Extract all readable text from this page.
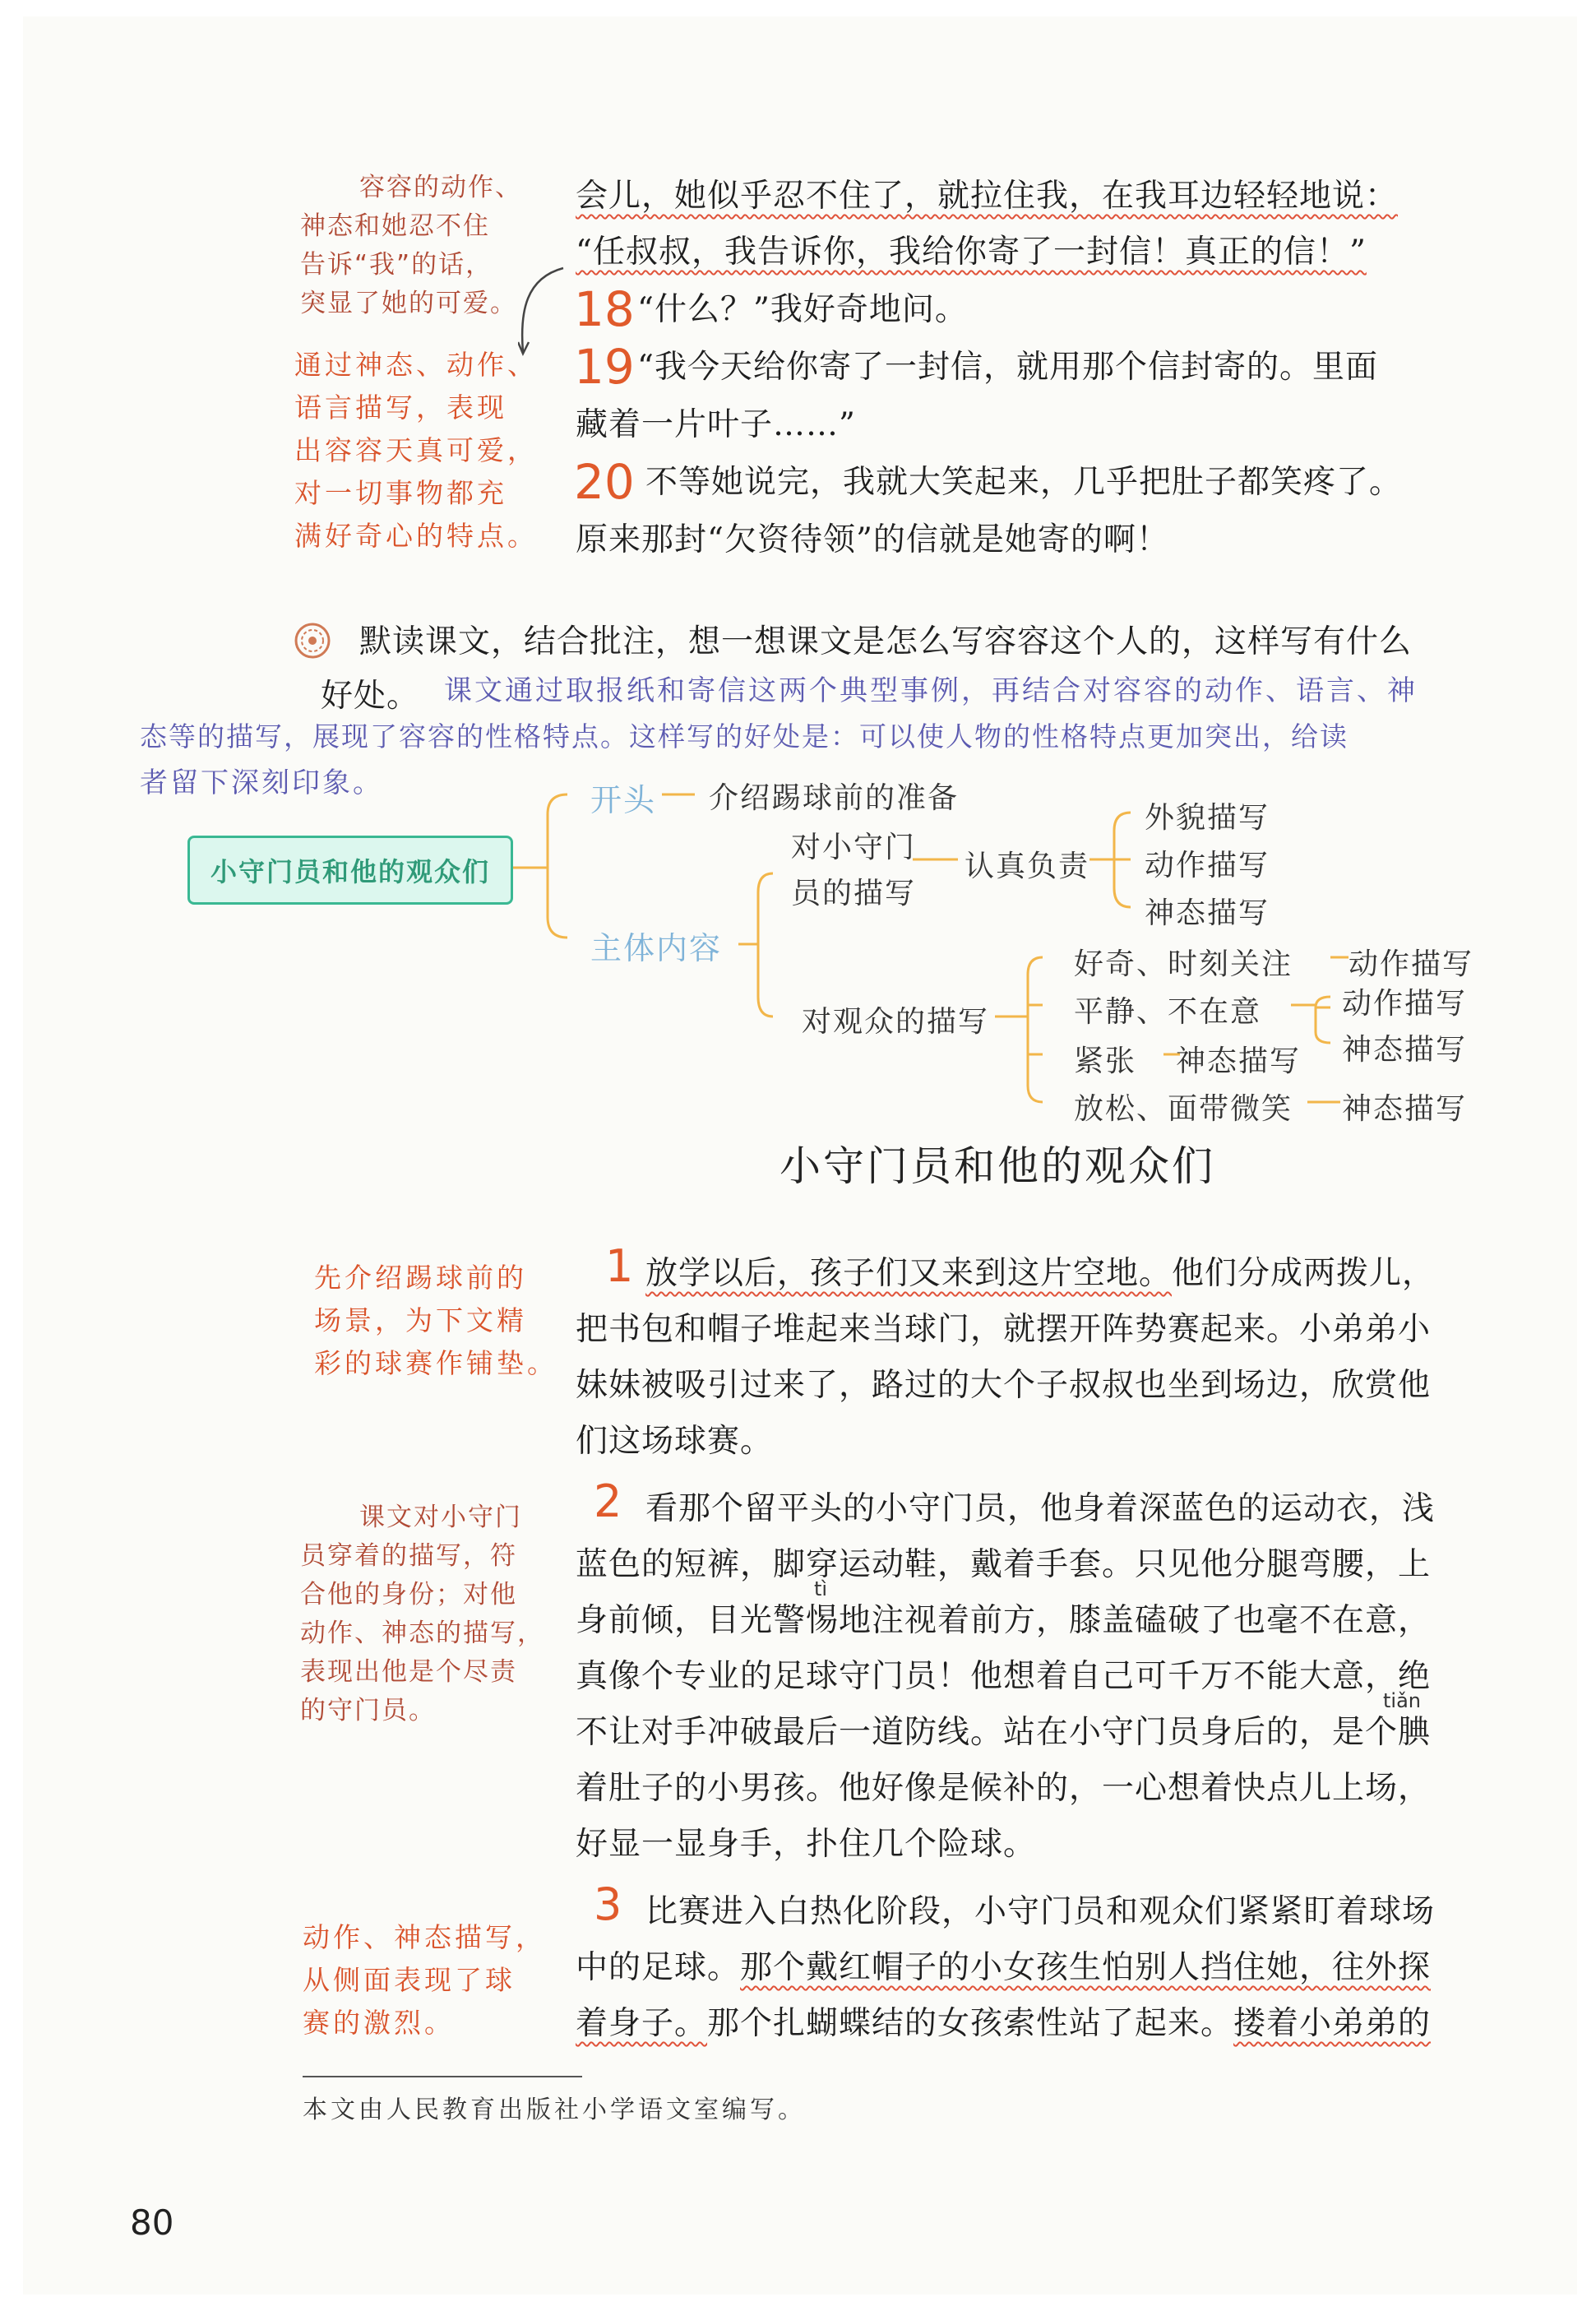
容容的动作、
神态和她忍不住
告诉“我”的话，
突显了她的可爱。
通过神态、动作、
语言描写，表现
出容容天真可爱，
对一切事物都充
满好奇心的特点。
会儿，她似乎忍不住了，就拉住我，在我耳边轻轻地说：
“任叔叔，我告诉你，我给你寄了一封信！真正的信！”
18 “什么？”我好奇地问。
19 “我今天给你寄了一封信，就用那个信封寄的。里面
藏着一片叶子……”
20 不等她说完，我就大笑起来，几乎把肚子都笑疼了。
原来那封“欠资待领”的信就是她寄的啊！
默读课文，结合批注，想一想课文是怎么写容容这个人的，这样写有什么
好处。 课文通过取报纸和寄信这两个典型事例，再结合对容容的动作、语言、神
态等的描写，展现了容容的性格特点。这样写的好处是：可以使人物的性格特点更加突出，给读
者留下深刻印象。
小守门员和他的观众们
开头 介绍踢球前的准备
主体内容
对小守门
员的描写
认真负责
外貌描写
动作描写
神态描写
对观众的描写
好奇、时刻关注 动作描写
平静、不在意	动作描写
神态描写
紧张 神态描写
放松、面带微笑 神态描写
小守门员和他的观众们
先介绍踢球前的
场景，为下文精
彩的球赛作铺垫。
课文对小守门
员穿着的描写，符
合他的身份；对他
动作、神态的描写，
表现出他是个尽责
的守门员。
动作、神态描写，
从侧面表现了球
赛的激烈。
1 放学以后，孩子们又来到这片空地。他们分成两拨儿，
把书包和帽子堆起来当球门，就摆开阵势赛起来。小弟弟小
妹妹被吸引过来了，路过的大个子叔叔也坐到场边，欣赏他
们这场球赛。
2 看那个留平头的小守门员，他身着深蓝色的运动衣，浅
蓝色的短裤，脚穿运动鞋，戴着手套。只见他分腿弯腰，上
tì
身前倾，目光警惕地注视着前方，膝盖磕破了也毫不在意，
真像个专业的足球守门员！他想着自己可千万不能大意，绝
tiǎn
不让对手冲破最后一道防线。站在小守门员身后的，是个腆
着肚子的小男孩。他好像是候补的，一心想着快点儿上场，
好显一显身手，扑住几个险球。
3 比赛进入白热化阶段，小守门员和观众们紧紧盯着球场
中的足球。那个戴红帽子的小女孩生怕别人挡住她，往外探
着身子。那个扎蝴蝶结的女孩索性站了起来。搂着小弟弟的
本文由人民教育出版社小学语文室编写。
80
